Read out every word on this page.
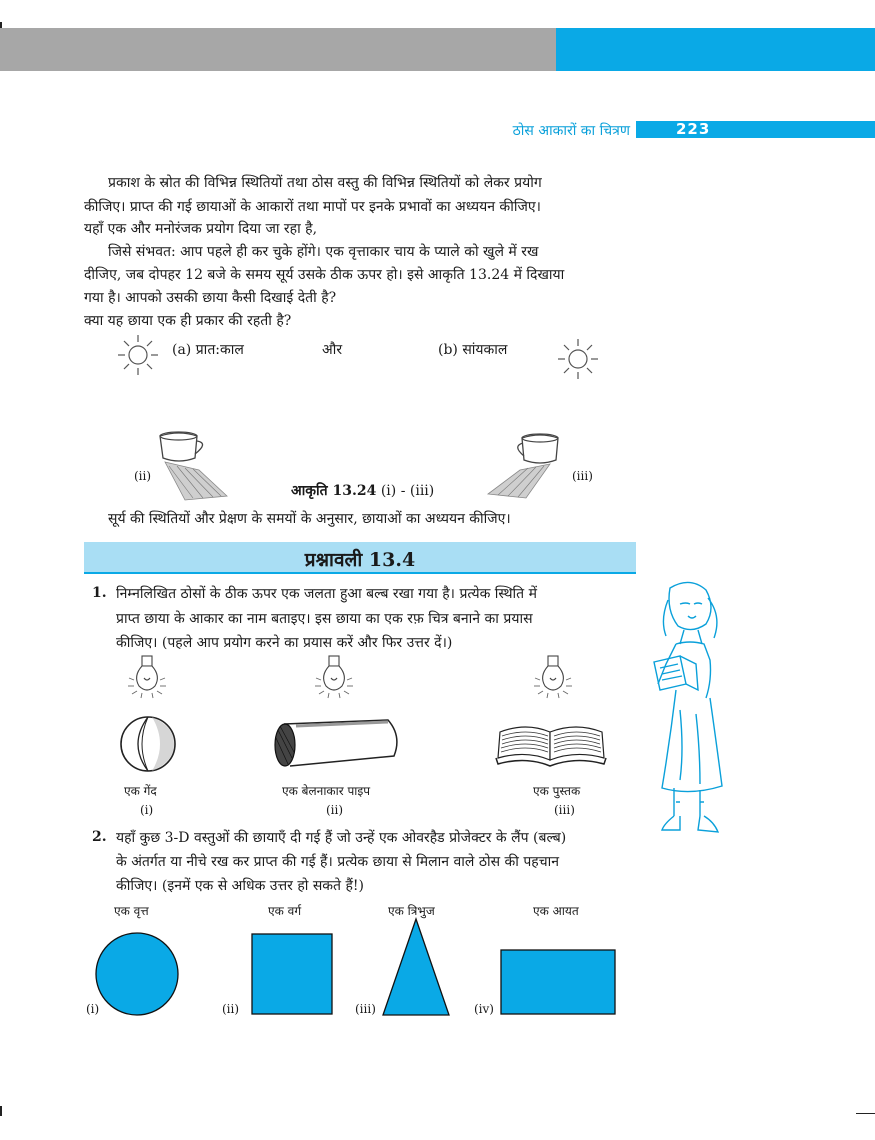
ठोस आकारों का चित्रण	223
प्रकाश के स्रोत की विभिन्न स्थितियों तथा ठोस वस्तु की विभिन्न स्थितियों को लेकर प्रयोग
कीजिए। प्राप्त की गई छायाओं के आकारों तथा मापों पर इनके प्रभावों का अध्ययन कीजिए।
यहाँ एक और मनोरंजक प्रयोग दिया जा रहा है,
जिसे संभवत: आप पहले ही कर चुके होंगे। एक वृत्ताकार चाय के प्याले को खुले में रख
दीजिए, जब दोपहर 12 बजे के समय सूर्य उसके ठीक ऊपर हो। इसे आकृति 13.24 में दिखाया
गया है। आपको उसकी छाया कैसी दिखाई देती है?
क्या यह छाया एक ही प्रकार की रहती है?
(a) प्रात:काल	और	(b) सांयकाल
(ii)
आकृति 13.24 (i) - (iii)
(iii)
सूर्य की स्थितियों और प्रेक्षण के समयों के अनुसार, छायाओं का अध्ययन कीजिए।
प्रश्नावली 13.4
1. निम्नलिखित ठोसों के ठीक ऊपर एक जलता हुआ बल्ब रखा गया है। प्रत्येक स्थिति में
प्राप्त छाया के आकार का नाम बताइए। इस छाया का एक रफ़ चित्र बनाने का प्रयास
कीजिए। (पहले आप प्रयोग करने का प्रयास करें और फिर उत्तर दें।)
एक गेंद
(i)
एक बेलनाकार पाइप
(ii)
एक पुस्तक
(iii)
2. यहाँ कुछ 3-D वस्तुओं की छायाएँ दी गई हैं जो उन्हें एक ओवरहैड प्रोजेक्टर के लैंप (बल्ब)
के अंतर्गत या नीचे रख कर प्राप्त की गई हैं। प्रत्येक छाया से मिलान वाले ठोस की पहचान
कीजिए। (इनमें एक से अधिक उत्तर हो सकते हैं!)
एक वृत्त	एक वर्ग	एक त्रिभुज	एक आयत
(i)	(ii)	(iii)	(iv)
